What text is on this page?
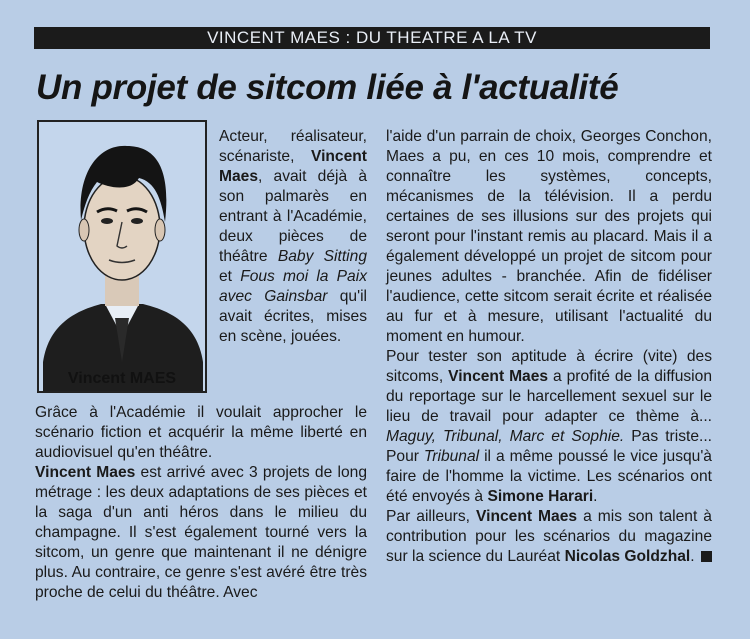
VINCENT MAES : DU THEATRE A LA TV
Un projet de sitcom liée à l'actualité
Vincent MAES

Acteur, réalisateur, scénariste, Vincent Maes, avait déjà à son palmarès en entrant à l'Académie, deux pièces de théâtre Baby Sitting et Fous moi la Paix avec Gainsbar qu'il avait écrites, mises en scène, jouées.

Grâce à l'Académie il voulait approcher le scénario fiction et acquérir la même liberté en audiovisuel qu'en théâtre.

Vincent Maes est arrivé avec 3 projets de long métrage : les deux adaptations de ses pièces et la saga d'un anti héros dans le milieu du champagne. Il s'est également tourné vers la sitcom, un genre que maintenant il ne dénigre plus. Au contraire, ce genre s'est avéré être très proche de celui du théâtre. Avec

l'aide d'un parrain de choix, Georges Conchon, Maes a pu, en ces 10 mois, comprendre et connaître les systèmes, concepts, mécanismes de la télévision. Il a perdu certaines de ses illusions sur des projets qui seront pour l'instant remis au placard. Mais il a également développé un projet de sitcom pour jeunes adultes - branchée. Afin de fidéliser l'audience, cette sitcom serait écrite et réalisée au fur et à mesure, utilisant l'actualité du moment en humour.

Pour tester son aptitude à écrire (vite) des sitcoms, Vincent Maes a profité de la diffusion du reportage sur le harcellement sexuel sur le lieu de travail pour adapter ce thème à... Maguy, Tribunal, Marc et Sophie. Pas triste... Pour Tribunal il a même poussé le vice jusqu'à faire de l'homme la victime. Les scénarios ont été envoyés à Simone Harari.

Par ailleurs, Vincent Maes a mis son talent à contribution pour les scénarios du magazine sur la science du Lauréat Nicolas Goldzhal.
